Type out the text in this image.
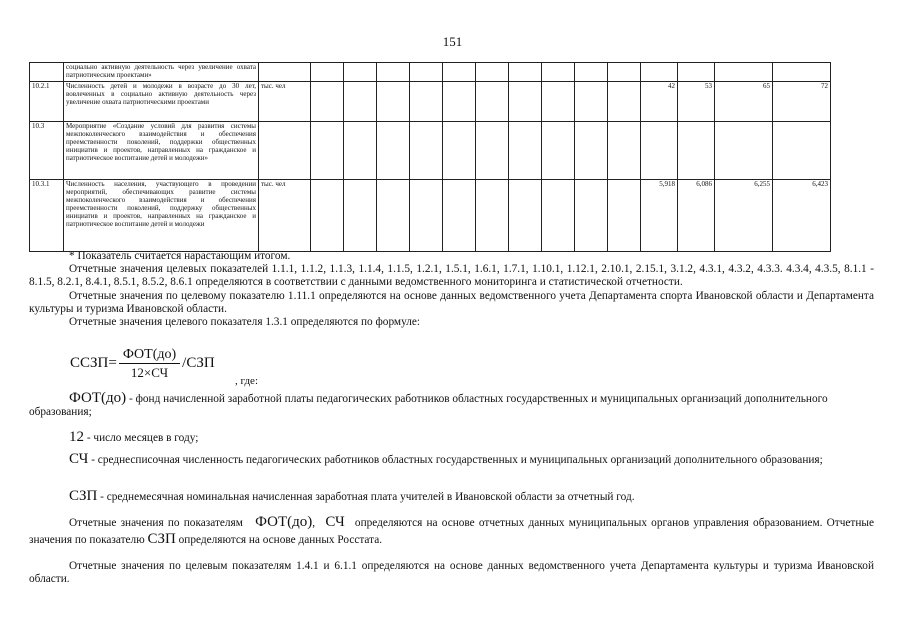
151
	социально активную деятельность через увеличение охвата патриотическим проектами»															
10.2.1	Численность детей и молодежи в возрасте до 30 лет, вовлеченных в социально активную деятельность через увеличение охвата патриотическими проектами	тыс. чел											42	53	65	72
10.3	Мероприятие «Создание условий для развития системы межпоколенческого взаимодействия и обеспечения преемственности поколений, поддержки общественных инициатив и проектов, направленных на гражданское и патриотическое воспитание детей и молодежи»															
10.3.1	Численность населения, участвующего в проведении мероприятий, обеспечивающих развитие системы межпоколенческого взаимодействия и обеспечения преемственности поколений, поддержку общественных инициатив и проектов, направленных на гражданское и патриотическое воспитание детей и молодежи	тыс. чел											5,918	6,086	6,255	6,423

* Показатель считается нарастающим итогом.

Отчетные значения целевых показателей 1.1.1, 1.1.2, 1.1.3, 1.1.4, 1.1.5, 1.2.1, 1.5.1, 1.6.1, 1.7.1, 1.10.1, 1.12.1, 2.10.1, 2.15.1, 3.1.2, 4.3.1, 4.3.2, 4.3.3. 4.3.4, 4.3.5, 8.1.1 - 8.1.5, 8.2.1, 8.4.1, 8.5.1, 8.5.2, 8.6.1 определяются в соответствии с данными ведомственного мониторинга и статистической отчетности.

Отчетные значения по целевому показателю 1.11.1 определяются на основе данных ведомственного учета Департамента спорта Ивановской области и Департамента культуры и туризма Ивановской области.

Отчетные значения целевого показателя 1.3.1 определяются по формуле:

ССЗП= $\frac{\text{ФОТ(до)}}{12\times СЧ} /СЗП$
, где:
ФОТ(до) - фонд начисленной заработной платы педагогических работников областных государственных и муниципальных организаций дополнительного образования;
12 - число месяцев в году;
СЧ - среднесписочная численность педагогических работников областных государственных и муниципальных организаций дополнительного образования;
СЗП - среднемесячная номинальная начисленная заработная плата учителей в Ивановской области за отчетный год.
Отчетные значения по показателям ФОТ(до), СЧ определяются на основе отчетных данных муниципальных органов управления образованием. Отчетные значения по показателю СЗП определяются на основе данных Росстата.

Отчетные значения по целевым показателям 1.4.1 и 6.1.1 определяются на основе данных ведомственного учета Департамента культуры и туризма Ивановской области.
